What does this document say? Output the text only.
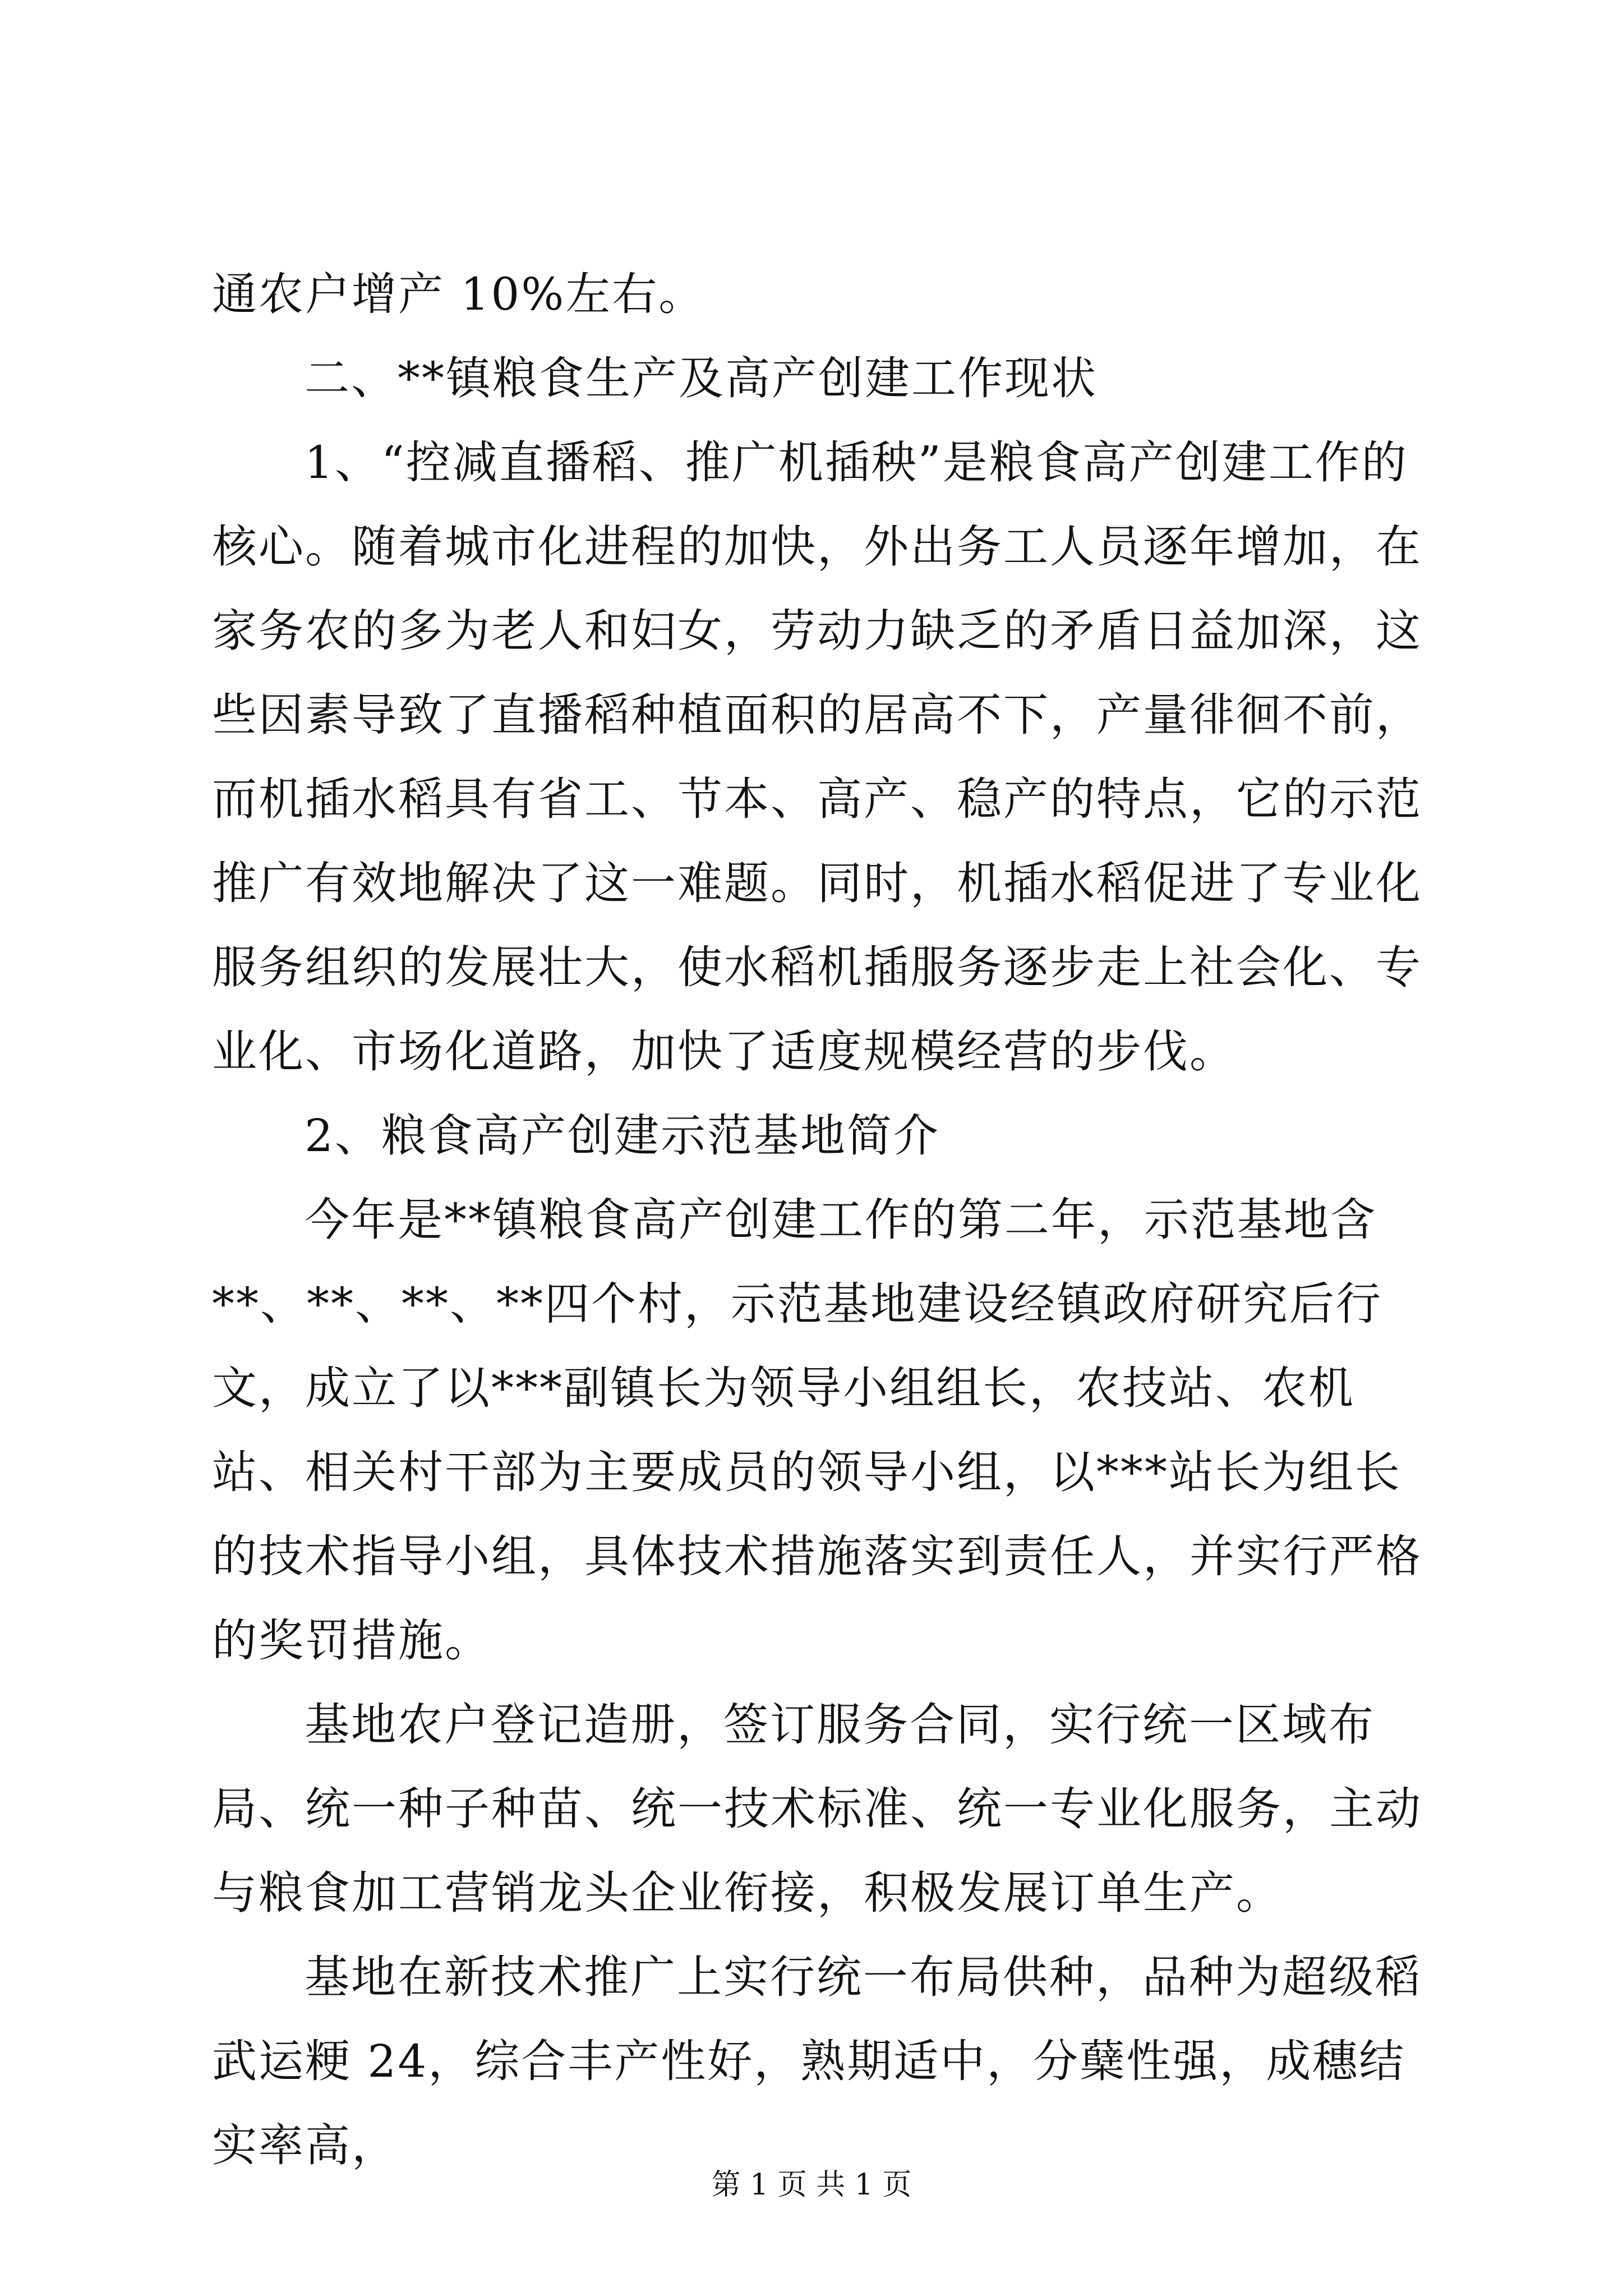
通农户增产 10%左右。

二、**镇粮食生产及高产创建工作现状

1、“控减直播稻、推广机插秧”是粮食高产创建工作的核心。随着城市化进程的加快，外出务工人员逐年增加，在家务农的多为老人和妇女，劳动力缺乏的矛盾日益加深，这些因素导致了直播稻种植面积的居高不下，产量徘徊不前，而机插水稻具有省工、节本、高产、稳产的特点，它的示范推广有效地解决了这一难题。同时，机插水稻促进了专业化服务组织的发展壮大，使水稻机插服务逐步走上社会化、专业化、市场化道路，加快了适度规模经营的步伐。

2、粮食高产创建示范基地简介

今年是**镇粮食高产创建工作的第二年，示范基地含**、**、**、**四个村，示范基地建设经镇政府研究后行文，成立了以***副镇长为领导小组组长，农技站、农机站、相关村干部为主要成员的领导小组，以***站长为组长的技术指导小组，具体技术措施落实到责任人，并实行严格的奖罚措施。

基地农户登记造册，签订服务合同，实行统一区域布局、统一种子种苗、统一技术标准、统一专业化服务，主动与粮食加工营销龙头企业衔接，积极发展订单生产。

基地在新技术推广上实行统一布局供种，品种为超级稻武运粳 24，综合丰产性好，熟期适中，分蘖性强，成穗结实率高，

第 1 页 共 1 页
